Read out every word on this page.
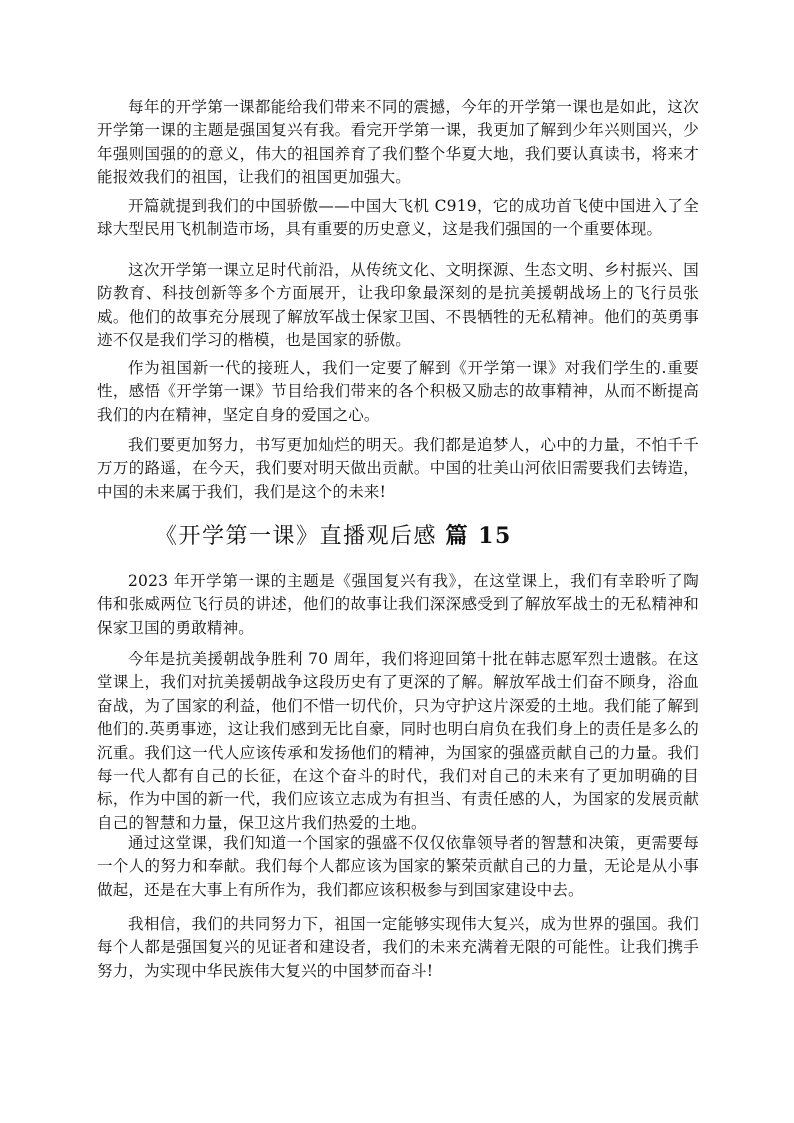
每年的开学第一课都能给我们带来不同的震撼，今年的开学第一课也是如此，这次开学第一课的主题是强国复兴有我。看完开学第一课，我更加了解到少年兴则国兴，少年强则国强的的意义，伟大的祖国养育了我们整个华夏大地，我们要认真读书，将来才能报效我们的祖国，让我们的祖国更加强大。

开篇就提到我们的中国骄傲——中国大飞机 C919，它的成功首飞使中国进入了全球大型民用飞机制造市场，具有重要的历史意义，这是我们强国的一个重要体现。

这次开学第一课立足时代前沿，从传统文化、文明探源、生态文明、乡村振兴、国防教育、科技创新等多个方面展开，让我印象最深刻的是抗美援朝战场上的飞行员张威。他们的故事充分展现了解放军战士保家卫国、不畏牺牲的无私精神。他们的英勇事迹不仅是我们学习的楷模，也是国家的骄傲。

作为祖国新一代的接班人，我们一定要了解到《开学第一课》对我们学生的.重要性，感悟《开学第一课》节目给我们带来的各个积极又励志的故事精神，从而不断提高我们的内在精神，坚定自身的爱国之心。

我们要更加努力，书写更加灿烂的明天。我们都是追梦人，心中的力量，不怕千千万万的路遥，在今天，我们要对明天做出贡献。中国的壮美山河依旧需要我们去铸造，中国的未来属于我们，我们是这个的未来!

《开学第一课》直播观后感 篇 15

2023 年开学第一课的主题是《强国复兴有我》，在这堂课上，我们有幸聆听了陶伟和张威两位飞行员的讲述，他们的故事让我们深深感受到了解放军战士的无私精神和保家卫国的勇敢精神。

今年是抗美援朝战争胜利 70 周年，我们将迎回第十批在韩志愿军烈士遗骸。在这堂课上，我们对抗美援朝战争这段历史有了更深的了解。解放军战士们奋不顾身，浴血奋战，为了国家的利益，他们不惜一切代价，只为守护这片深爱的土地。我们能了解到他们的.英勇事迹，这让我们感到无比自豪，同时也明白肩负在我们身上的责任是多么的沉重。我们这一代人应该传承和发扬他们的精神，为国家的强盛贡献自己的力量。我们每一代人都有自己的长征，在这个奋斗的时代，我们对自己的未来有了更加明确的目标，作为中国的新一代，我们应该立志成为有担当、有责任感的人，为国家的发展贡献自己的智慧和力量，保卫这片我们热爱的土地。

通过这堂课，我们知道一个国家的强盛不仅仅依靠领导者的智慧和决策，更需要每一个人的努力和奉献。我们每个人都应该为国家的繁荣贡献自己的力量，无论是从小事做起，还是在大事上有所作为，我们都应该积极参与到国家建设中去。

我相信，我们的共同努力下，祖国一定能够实现伟大复兴，成为世界的强国。我们每个人都是强国复兴的见证者和建设者，我们的未来充满着无限的可能性。让我们携手努力，为实现中华民族伟大复兴的中国梦而奋斗!
